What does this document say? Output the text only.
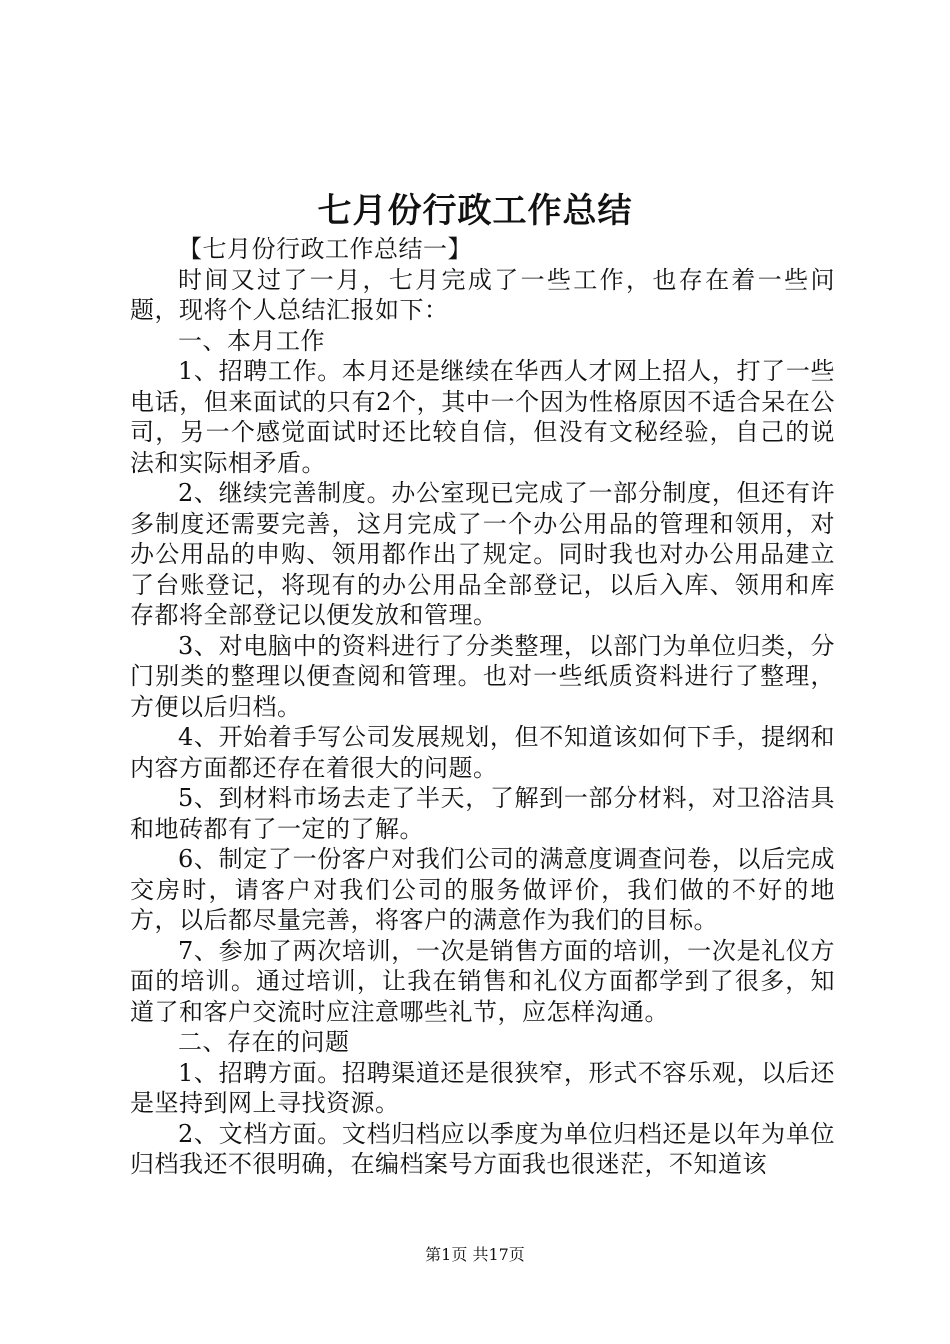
七月份行政工作总结

【七月份行政工作总结一】

时间又过了一月，七月完成了一些工作，也存在着一些问题，现将个人总结汇报如下：

一、本月工作

1、招聘工作。本月还是继续在华西人才网上招人，打了一些电话，但来面试的只有2个，其中一个因为性格原因不适合呆在公司，另一个感觉面试时还比较自信，但没有文秘经验，自己的说法和实际相矛盾。

2、继续完善制度。办公室现已完成了一部分制度，但还有许多制度还需要完善，这月完成了一个办公用品的管理和领用，对办公用品的申购、领用都作出了规定。同时我也对办公用品建立了台账登记，将现有的办公用品全部登记，以后入库、领用和库存都将全部登记以便发放和管理。

3、对电脑中的资料进行了分类整理，以部门为单位归类，分门别类的整理以便查阅和管理。也对一些纸质资料进行了整理，方便以后归档。

4、开始着手写公司发展规划，但不知道该如何下手，提纲和内容方面都还存在着很大的问题。

5、到材料市场去走了半天，了解到一部分材料，对卫浴洁具和地砖都有了一定的了解。

6、制定了一份客户对我们公司的满意度调查问卷，以后完成交房时，请客户对我们公司的服务做评价，我们做的不好的地方，以后都尽量完善，将客户的满意作为我们的目标。

7、参加了两次培训，一次是销售方面的培训，一次是礼仪方面的培训。通过培训，让我在销售和礼仪方面都学到了很多，知道了和客户交流时应注意哪些礼节，应怎样沟通。

二、存在的问题

1、招聘方面。招聘渠道还是很狭窄，形式不容乐观，以后还是坚持到网上寻找资源。

2、文档方面。文档归档应以季度为单位归档还是以年为单位归档我还不很明确，在编档案号方面我也很迷茫，不知道该

第1页 共17页
